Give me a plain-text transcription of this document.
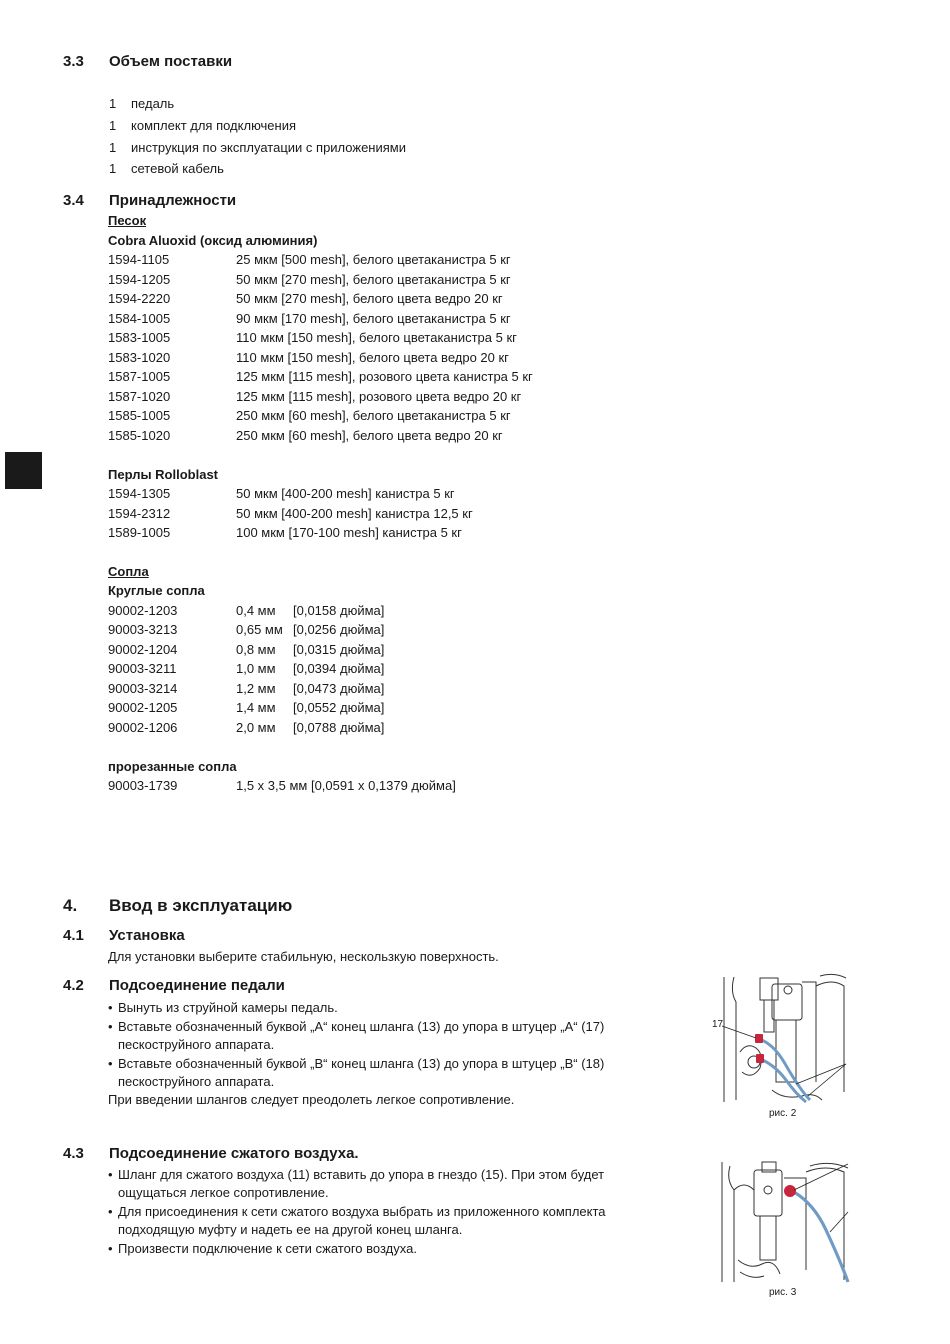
3.3 Объем поставки
1 педаль
1 комплект для подключения
1 инструкция по эксплуатации с приложениями
1 сетевой кабель
3.4 Принадлежности
Песок
Cobra Aluoxid (оксид алюминия)
1594-1105	25 мкм [500 mesh], белого цветаканистра 5 кг
1594-1205	50 мкм [270 mesh], белого цветаканистра 5 кг
1594-2220	50 мкм [270 mesh], белого цвета ведро 20 кг
1584-1005	90 мкм [170 mesh], белого цветаканистра 5 кг
1583-1005	110 мкм [150 mesh], белого цветаканистра 5 кг
1583-1020	110 мкм [150 mesh], белого цвета ведро 20 кг
1587-1005	125 мкм [115 mesh], розового цвета канистра 5 кг
1587-1020	125 мкм [115 mesh], розового цвета ведро 20 кг
1585-1005	250 мкм [60 mesh], белого цветаканистра 5 кг
1585-1020	250 мкм [60 mesh], белого цвета ведро 20 кг
Перлы Rolloblast
1594-1305	50 мкм [400-200 mesh] канистра 5 кг
1594-2312	50 мкм [400-200 mesh] канистра 12,5 кг
1589-1005	100 мкм [170-100 mesh] канистра 5 кг
Сопла
Круглые сопла
90002-1203	0,4 мм [0,0158 дюйма]
90003-3213	0,65 мм [0,0256 дюйма]
90002-1204	0,8 мм [0,0315 дюйма]
90003-3211	1,0 мм [0,0394 дюйма]
90003-3214	1,2 мм [0,0473 дюйма]
90002-1205	1,4 мм [0,0552 дюйма]
90002-1206	2,0 мм [0,0788 дюйма]
прорезанные сопла
90003-1739	1,5 x 3,5 мм [0,0591 x 0,1379 дюйма]
4. Ввод в эксплуатацию
4.1 Установка
Для установки выберите стабильную, нескользкую поверхность.
4.2 Подсоединение педали
• Вынуть из струйной камеры педаль.
• Вставьте обозначенный буквой „A“ конец шланга (13) до упора в штуцер „A“ (17)
пескоструйного аппарата.
• Вставьте обозначенный буквой „B“ конец шланга (13) до упора в штуцер „B“ (18)
пескоструйного аппарата.
При введении шлангов следует преодолеть легкое сопротивление.
17
рис. 2
4.3 Подсоединение сжатого воздуха.
• Шланг для сжатого воздуха (11) вставить до упора в гнездо (15). При этом будет
ощущаться легкое сопротивление.
• Для присоединения к сети сжатого воздуха выбрать из приложенного комплекта
подходящую муфту и надеть ее на другой конец шланга.
• Произвести подключение к сети сжатого воздуха.
рис. 3
